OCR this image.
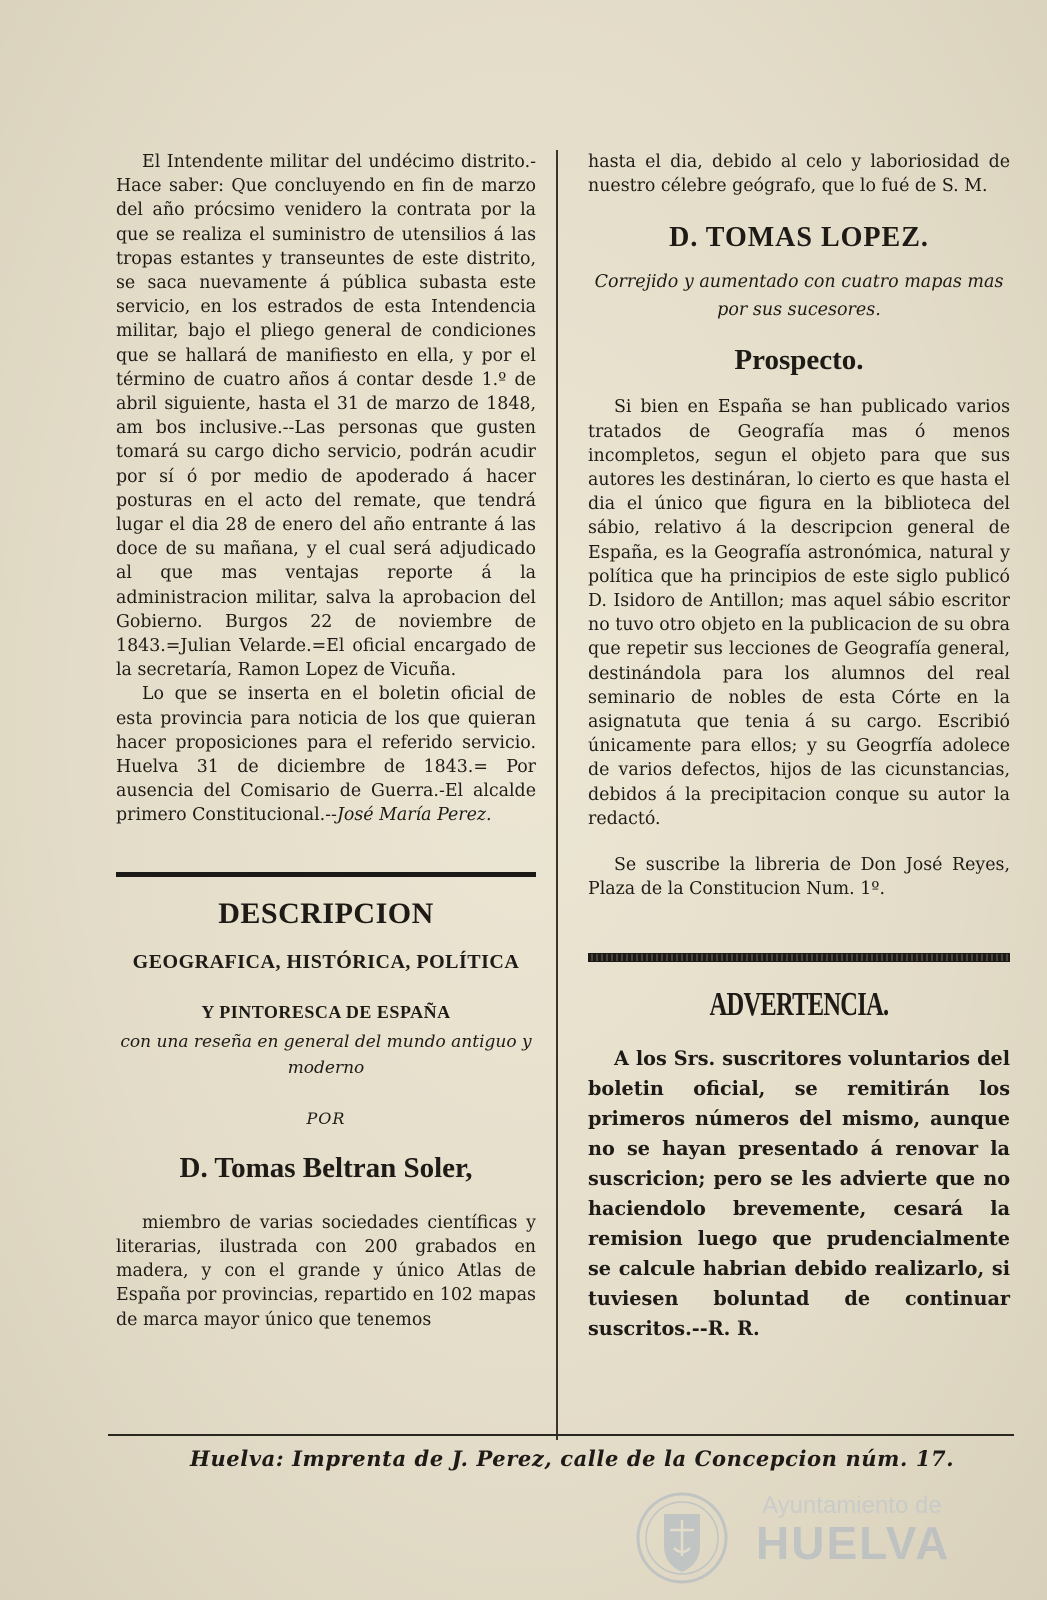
El Intendente militar del undécimo distrito.- Hace saber: Que concluyendo en fin de marzo del año prócsimo venidero la contrata por la que se realiza el suministro de utensilios á las tropas estantes y transeuntes de este distrito, se saca nuevamente á pública subasta este servicio, en los estrados de esta Intendencia militar, bajo el pliego general de condiciones que se hallará de manifiesto en ella, y por el término de cuatro años á contar desde 1.º de abril siguiente, hasta el 31 de marzo de 1848, am bos inclusive.--Las personas que gusten tomará su cargo dicho servicio, podrán acudir por sí ó por medio de apoderado á hacer posturas en el acto del remate, que tendrá lugar el dia 28 de enero del año entrante á las doce de su mañana, y el cual será adjudicado al que mas ventajas reporte á la administracion militar, salva la aprobacion del Gobierno. Burgos 22 de noviembre de 1843.=Julian Velarde.=El oficial encargado de la secretaría, Ramon Lopez de Vicuña.

Lo que se inserta en el boletin oficial de esta provincia para noticia de los que quieran hacer proposiciones para el referido servicio. Huelva 31 de diciembre de 1843.= Por ausencia del Comisario de Guerra.-El alcalde primero Constitucional.--José María Perez.

DESCRIPCION
GEOGRAFICA, HISTÓRICA, POLÍTICA
Y PINTORESCA DE ESPAÑA

con una reseña en general del mundo antiguo y moderno

POR
D. Tomas Beltran Soler,

miembro de varias sociedades científicas y literarias, ilustrada con 200 grabados en madera, y con el grande y único Atlas de España por provincias, repartido en 102 mapas de marca mayor único que tenemos

hasta el dia, debido al celo y laboriosidad de nuestro célebre geógrafo, que lo fué de S. M.

D. TOMAS LOPEZ.

Correjido y aumentado con cuatro mapas mas por sus sucesores.

Prospecto.

Si bien en España se han publicado varios tratados de Geografía mas ó menos incompletos, segun el objeto para que sus autores les destináran, lo cierto es que hasta el dia el único que figura en la biblioteca del sábio, relativo á la descripcion general de España, es la Geografía astronómica, natural y política que ha principios de este siglo publicó D. Isidoro de Antillon; mas aquel sábio escritor no tuvo otro objeto en la publicacion de su obra que repetir sus lecciones de Geografía general, destinándola para los alumnos del real seminario de nobles de esta Córte en la asignatuta que tenia á su cargo. Escribió únicamente para ellos; y su Geogrfía adolece de varios defectos, hijos de las cicunstancias, debidos á la precipitacion conque su autor la redactó.

Se suscribe la libreria de Don José Reyes, Plaza de la Constitucion Num. 1º.

ADVERTENCIA.

A los Srs. suscritores voluntarios del boletin oficial, se remitirán los primeros números del mismo, aunque no se hayan presentado á renovar la suscricion; pero se les advierte que no haciendolo brevemente, cesará la remision luego que prudencialmente se calcule habrian debido realizarlo, si tuviesen boluntad de continuar suscritos.--R. R.

Huelva: Imprenta de J. Perez, calle de la Concepcion núm. 17.
Ayuntamiento de
HUELVA
